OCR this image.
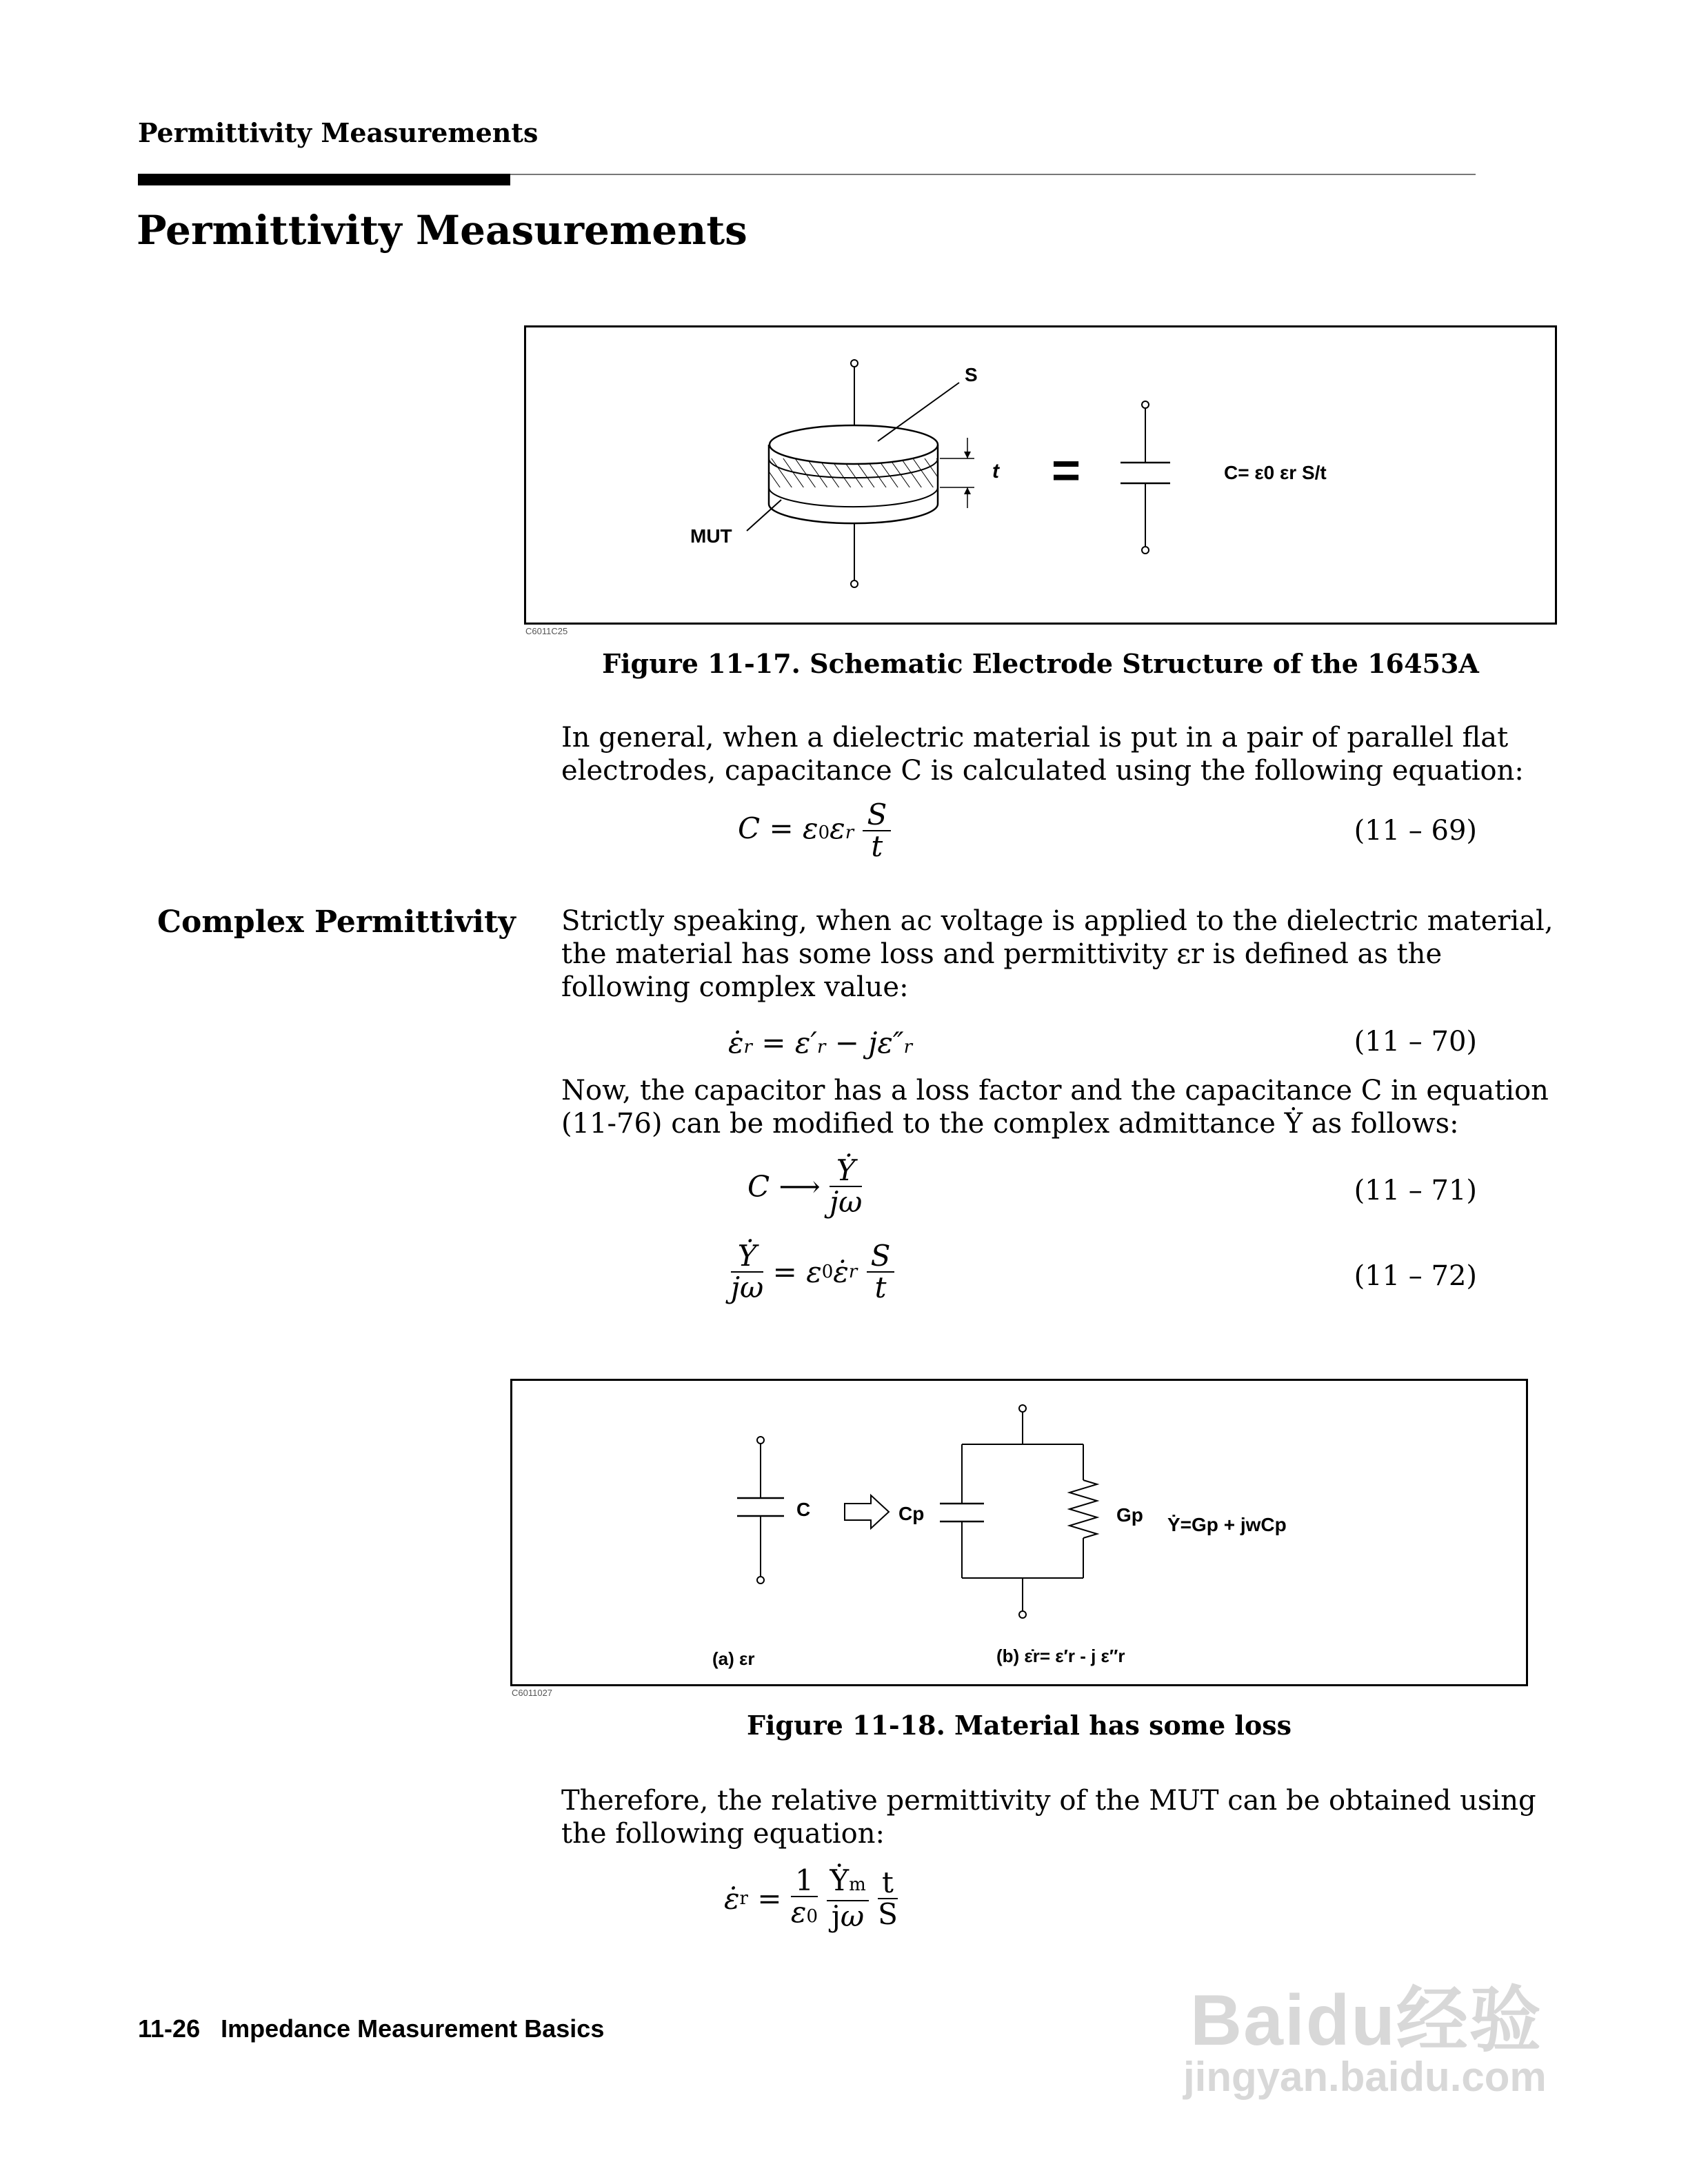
Permittivity Measurements
Permittivity Measurements
S
t
MUT
=	C= ε0 εr S/t
C6011C25
Figure 11-17. Schematic Electrode Structure of the 16453A
In general, when a dielectric material is put in a pair of parallel flat
electrodes, capacitance C is calculated using the following equation:
$C = \varepsilon 0\varepsilon r \frac{S}{t}$	(11 – 69)
Complex Permittivity Strictly speaking, when ac voltage is applied to the dielectric material,
the material has some loss and permittivity εr is defined as the
following complex value:
ε̇r = ε′r − jε″r	(11 – 70)
Now, the capacitor has a loss factor and the capacitance C in equation
(11-76) can be modified to the complex admittance Ẏ as follows:
C ⟶ $\frac{\text{Ẏ}}{j\omega}$	(11 – 71)
$\frac{\text{Ẏ}}{j\omega}$ = ε0ε̇r $\frac{S}{t}$	(11 – 72)
C	Cp	Gp Ẏ=Gp + jwCp
(a) εr	(b) ε̇r= ε′r - j ε″r
C6011027
Figure 11-18. Material has some loss
Therefore, the relative permittivity of the MUT can be obtained using
the following equation:
ε̇r = $\frac{1}{\varepsilon 0}$
$\frac{\text{Ẏm}}{j\omega}$
$\frac{t}{S}$
11-26 Impedance Measurement Basics	Baidu经验
jingyan.baidu.com
